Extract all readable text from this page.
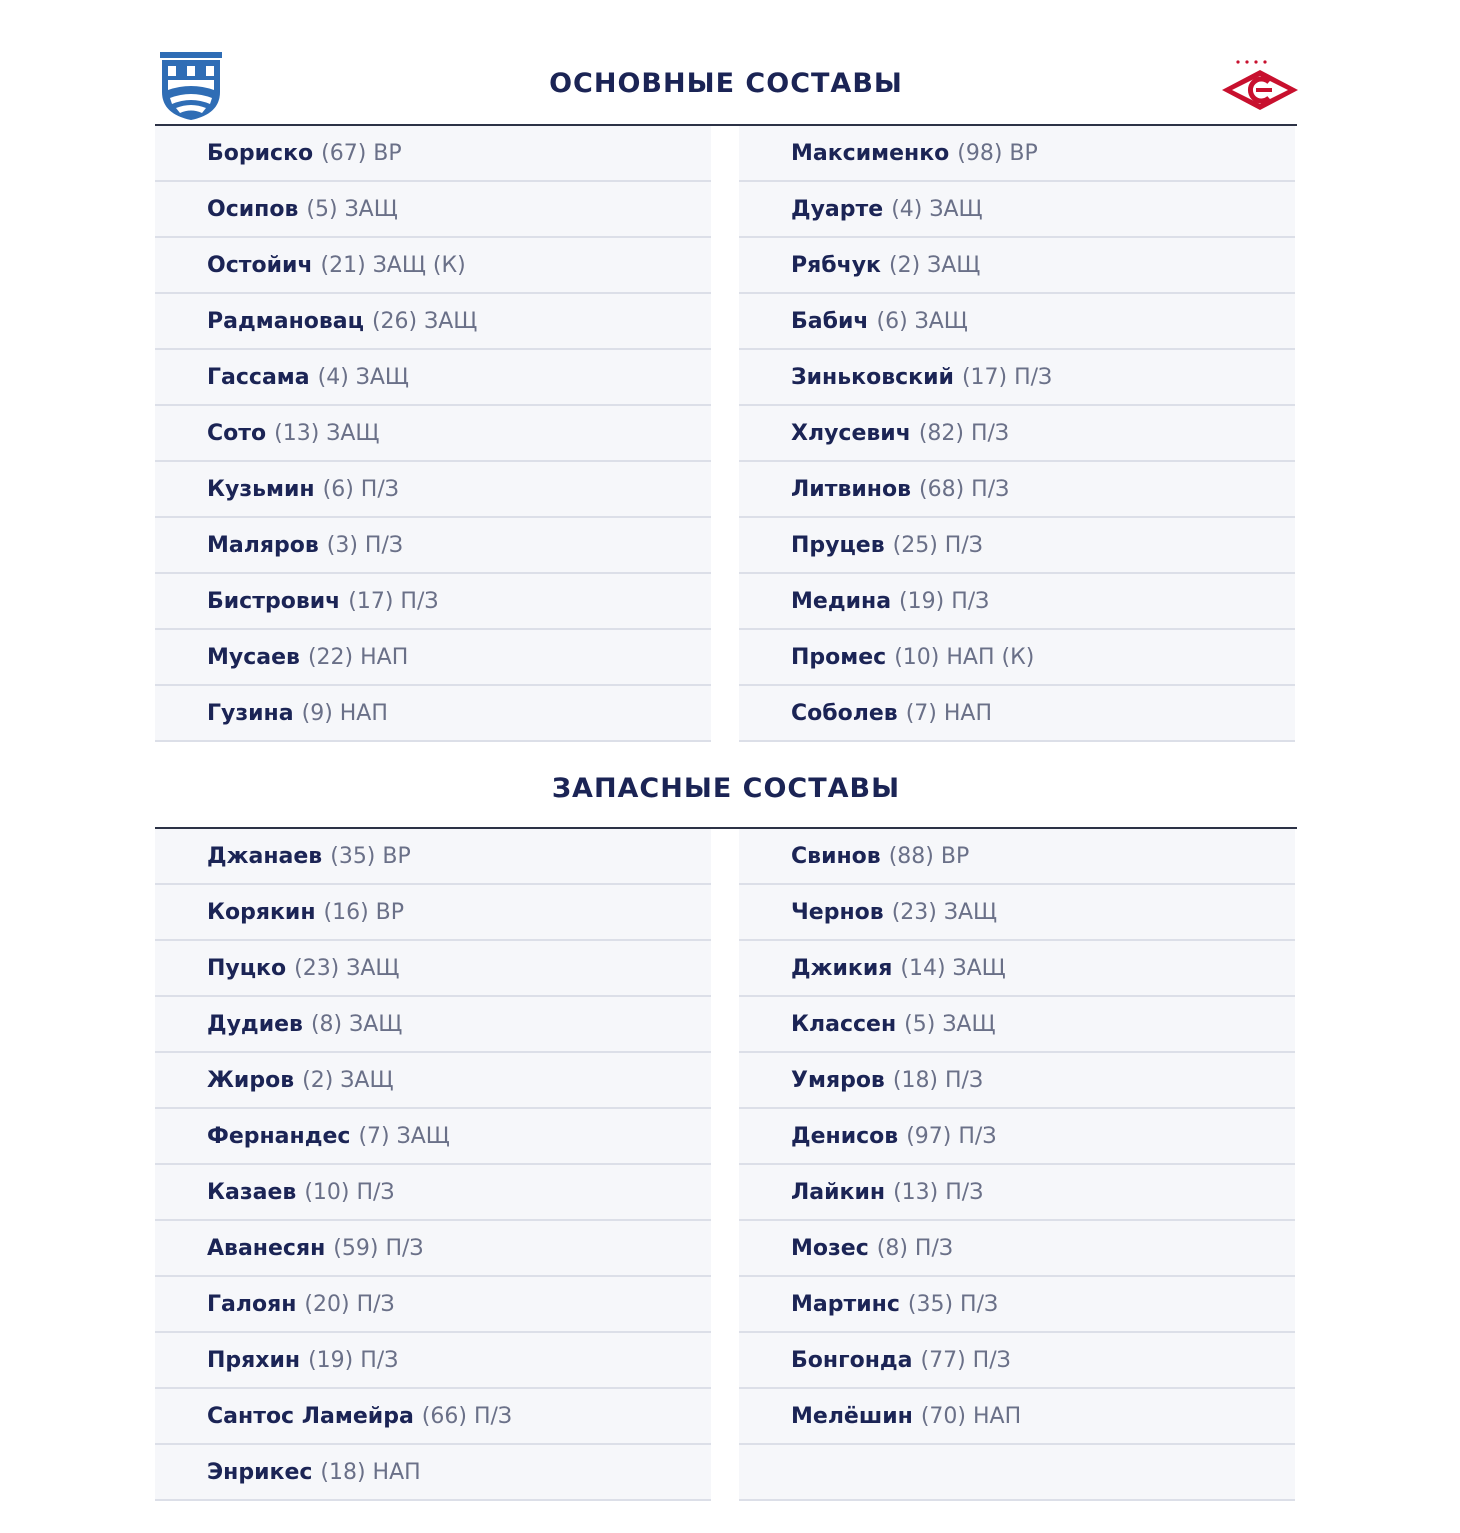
ОСНОВНЫЕ СОСТАВЫ
Бориско (67) ВР
Осипов (5) ЗАЩ
Остойич (21) ЗАЩ (К)
Радмановац (26) ЗАЩ
Гассама (4) ЗАЩ
Сото (13) ЗАЩ
Кузьмин (6) П/З
Маляров (3) П/З
Бистрович (17) П/З
Мусаев (22) НАП
Гузина (9) НАП
Максименко (98) ВР
Дуарте (4) ЗАЩ
Рябчук (2) ЗАЩ
Бабич (6) ЗАЩ
Зиньковский (17) П/З
Хлусевич (82) П/З
Литвинов (68) П/З
Пруцев (25) П/З
Медина (19) П/З
Промес (10) НАП (К)
Соболев (7) НАП
ЗАПАСНЫЕ СОСТАВЫ
Джанаев (35) ВР
Корякин (16) ВР
Пуцко (23) ЗАЩ
Дудиев (8) ЗАЩ
Жиров (2) ЗАЩ
Фернандес (7) ЗАЩ
Казаев (10) П/З
Аванесян (59) П/З
Галоян (20) П/З
Пряхин (19) П/З
Сантос Ламейра (66) П/З
Энрикес (18) НАП
Свинов (88) ВР
Чернов (23) ЗАЩ
Джикия (14) ЗАЩ
Классен (5) ЗАЩ
Умяров (18) П/З
Денисов (97) П/З
Лайкин (13) П/З
Мозес (8) П/З
Мартинс (35) П/З
Бонгонда (77) П/З
Мелёшин (70) НАП
